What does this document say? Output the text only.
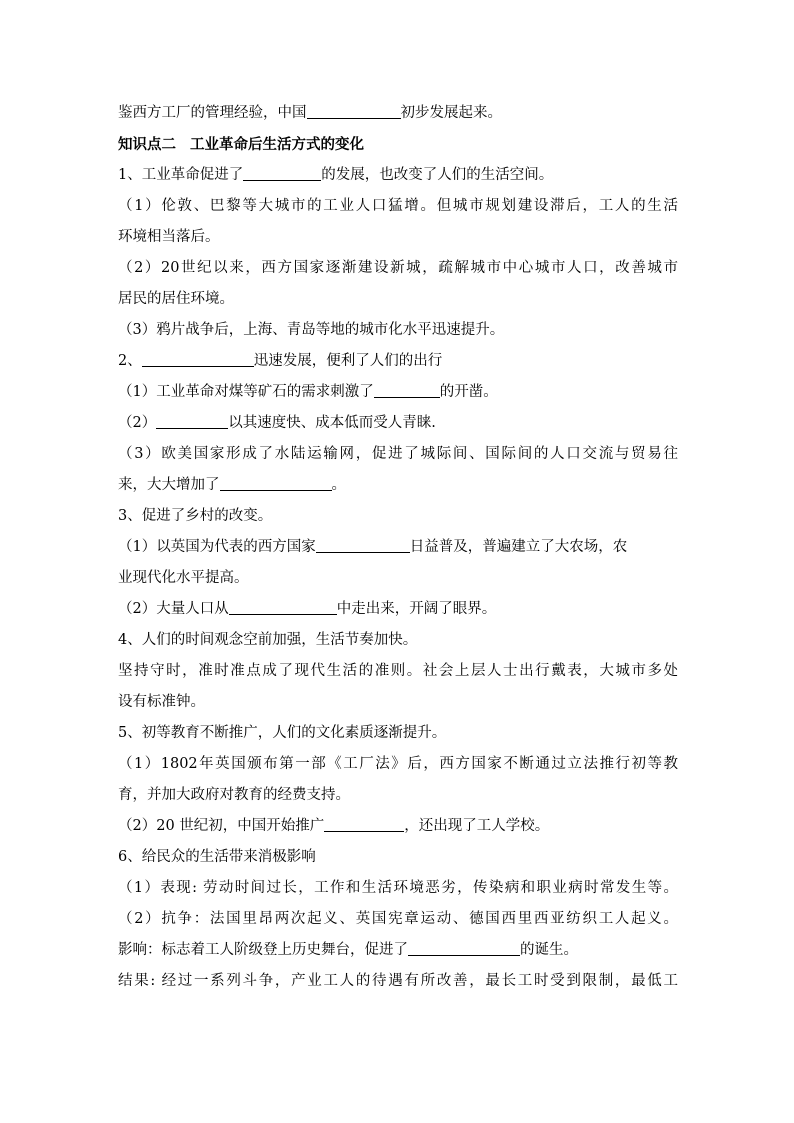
鉴西方工厂的管理经验，中国	初步发展起来。
知识点二 工业革命后生活方式的变化
1、工业革命促进了	的发展，也改变了人们的生活空间。
（1）伦敦、巴黎等大城市的工业人口猛增。但城市规划建设滞后，工人的生活
环境相当落后。
（2）20世纪以来，西方国家逐渐建设新城，疏解城市中心城市人口，改善城市
居民的居住环境。
（3）鸦片战争后，上海、青岛等地的城市化水平迅速提升。
2、	迅速发展，便利了人们的出行
（1）工业革命对煤等矿石的需求刺激了	的开凿。
（2）	以其速度快、成本低而受人青睐.
（3）欧美国家形成了水陆运输网，促进了城际间、国际间的人口交流与贸易往
来，大大增加了	。
3、促进了乡村的改变。
（1）以英国为代表的西方国家	日益普及，普遍建立了大农场，农
业现代化水平提高。
（2）大量人口从	中走出来，开阔了眼界。
4、人们的时间观念空前加强，生活节奏加快。
坚持守时，准时准点成了现代生活的准则。社会上层人士出行戴表，大城市多处
设有标准钟。
5、初等教育不断推广，人们的文化素质逐渐提升。
（1）1802年英国颁布第一部《工厂法》后，西方国家不断通过立法推行初等教
育，并加大政府对教育的经费支持。
（2）20 世纪初，中国开始推广	，还出现了工人学校。
6、给民众的生活带来消极影响
（1）表现: 劳动时间过长，工作和生活环境恶劣，传染病和职业病时常发生等。
（2）抗争：法国里昂两次起义、英国宪章运动、德国西里西亚纺织工人起义。
影响：标志着工人阶级登上历史舞台，促进了	的诞生。
结果: 经过一系列斗争，产业工人的待遇有所改善，最长工时受到限制，最低工
